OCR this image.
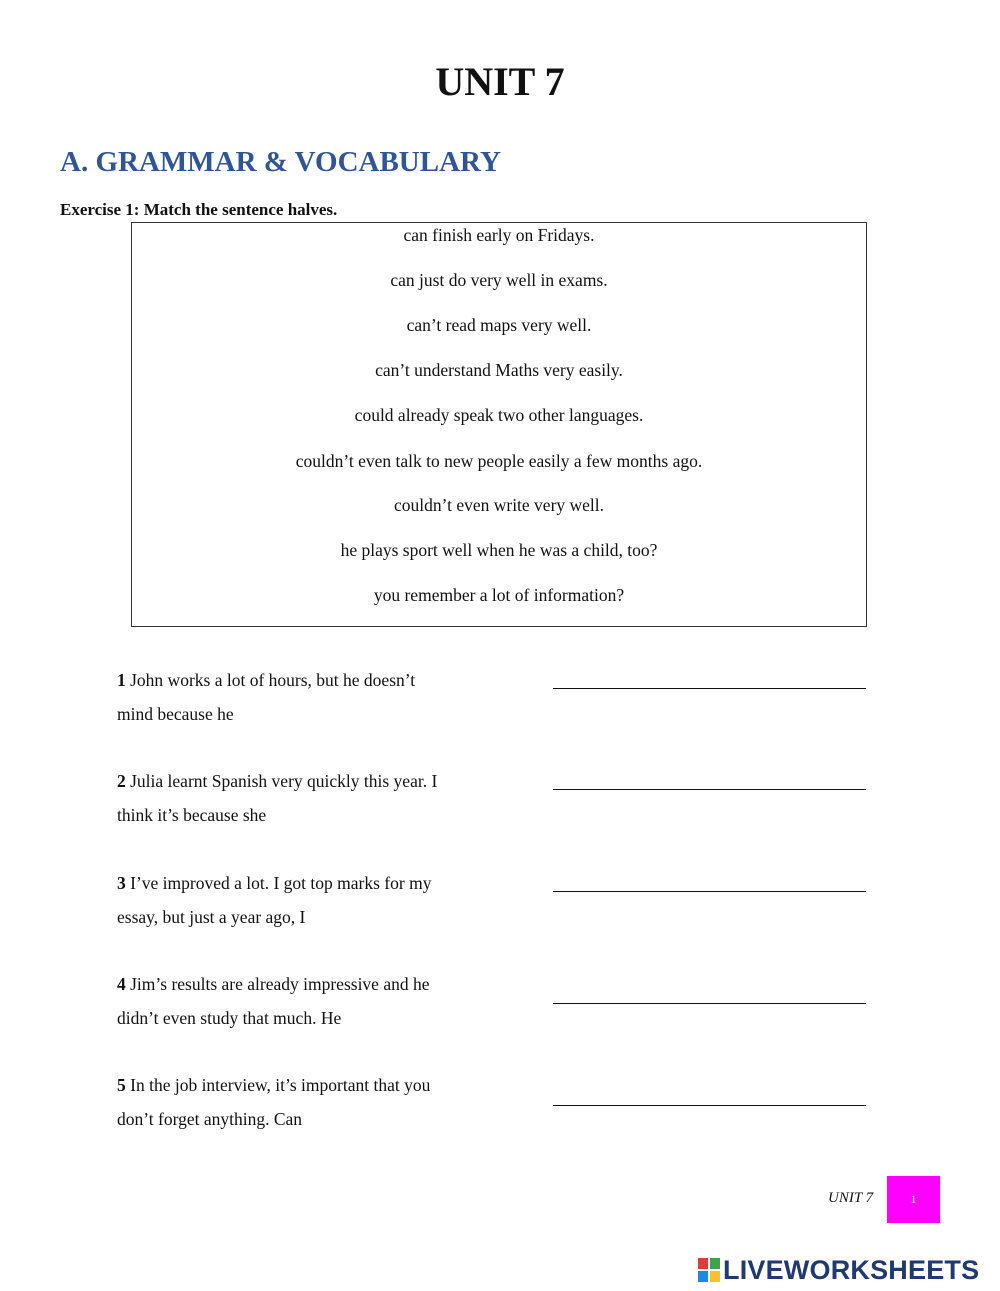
UNIT 7
A. GRAMMAR & VOCABULARY
Exercise 1: Match the sentence halves.
can finish early on Fridays.
can just do very well in exams.
can’t read maps very well.
can’t understand Maths very easily.
could already speak two other languages.
couldn’t even talk to new people easily a few months ago.
couldn’t even write very well.
he plays sport well when he was a child, too?
you remember a lot of information?
1 John works a lot of hours, but he doesn’t
mind because he
2 Julia learnt Spanish very quickly this year. I
think it’s because she
3 I’ve improved a lot. I got top marks for my
essay, but just a year ago, I
4 Jim’s results are already impressive and he
didn’t even study that much. He
5 In the job interview, it’s important that you
don’t forget anything. Can
UNIT 7	1
LIVEWORKSHEETS
